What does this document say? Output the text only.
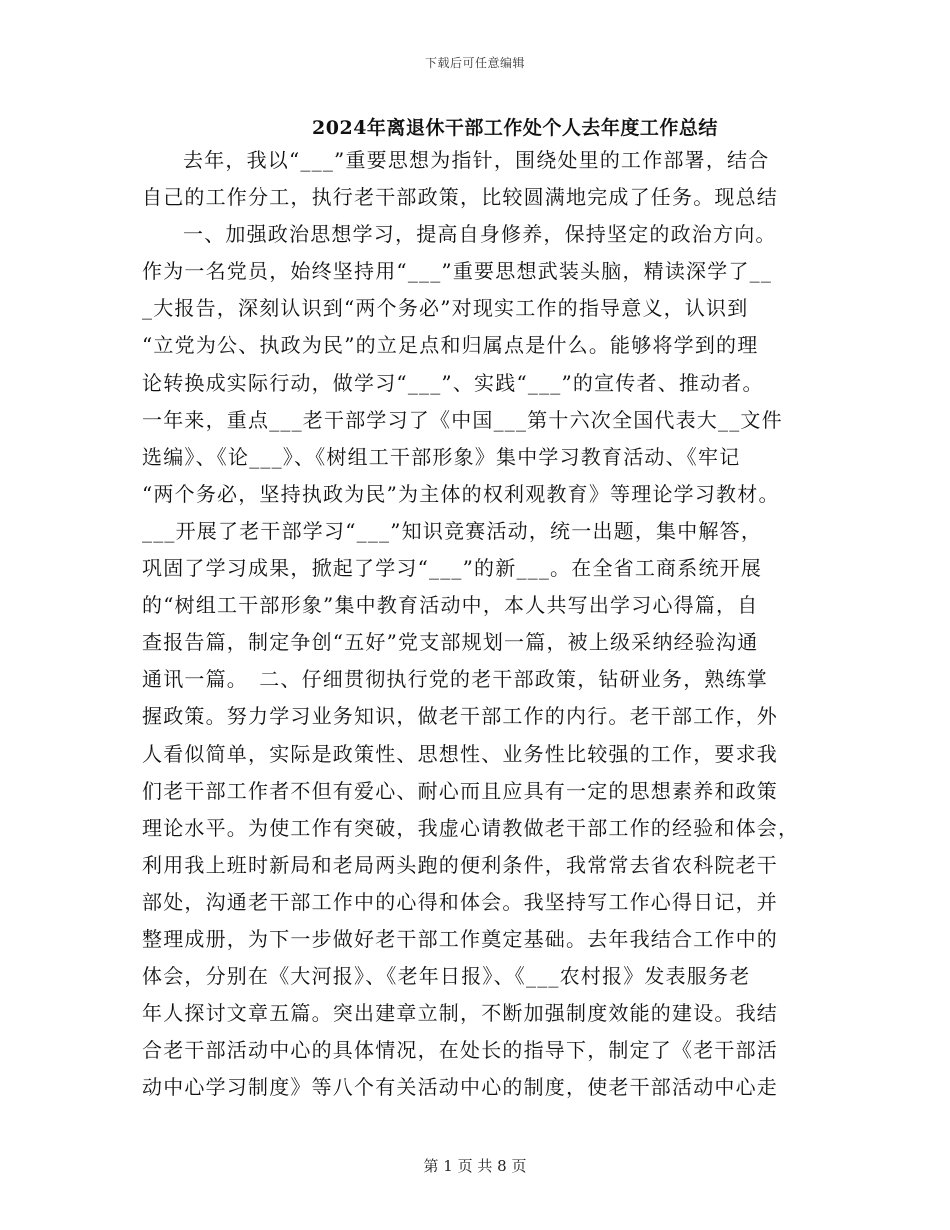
下载后可任意编辑
2024年离退休干部工作处个人去年度工作总结
去年，我以“___”重要思想为指针，围绕处里的工作部署，结合
自己的工作分工，执行老干部政策，比较圆满地完成了任务。现总结
一、加强政治思想学习，提高自身修养，保持坚定的政治方向。
作为一名党员，始终坚持用“___”重要思想武装头脑，精读深学了__
_大报告，深刻认识到“两个务必”对现实工作的指导意义，认识到
“立党为公、执政为民”的立足点和归属点是什么。能够将学到的理
论转换成实际行动，做学习“___”、实践“___”的宣传者、推动者。
一年来，重点___老干部学习了《中国___第十六次全国代表大__文件
选编》、《论___》、《树组工干部形象》集中学习教育活动、《牢记
“两个务必，坚持执政为民”为主体的权利观教育》等理论学习教材。
___开展了老干部学习“___”知识竞赛活动，统一出题，集中解答，
巩固了学习成果，掀起了学习“___”的新___。在全省工商系统开展
的“树组工干部形象”集中教育活动中，本人共写出学习心得篇，自
查报告篇，制定争创“五好”党支部规划一篇，被上级采纳经验沟通
通讯一篇。　二、仔细贯彻执行党的老干部政策，钻研业务，熟练掌
握政策。努力学习业务知识，做老干部工作的内行。老干部工作，外
人看似简单，实际是政策性、思想性、业务性比较强的工作，要求我
们老干部工作者不但有爱心、耐心而且应具有一定的思想素养和政策
理论水平。为使工作有突破，我虚心请教做老干部工作的经验和体会，
利用我上班时新局和老局两头跑的便利条件，我常常去省农科院老干
部处，沟通老干部工作中的心得和体会。我坚持写工作心得日记，并
整理成册，为下一步做好老干部工作奠定基础。去年我结合工作中的
体会，分别在《大河报》、《老年日报》、《___农村报》发表服务老
年人探讨文章五篇。突出建章立制，不断加强制度效能的建设。我结
合老干部活动中心的具体情况，在处长的指导下，制定了《老干部活
动中心学习制度》等八个有关活动中心的制度，使老干部活动中心走
第 1 页 共 8 页
